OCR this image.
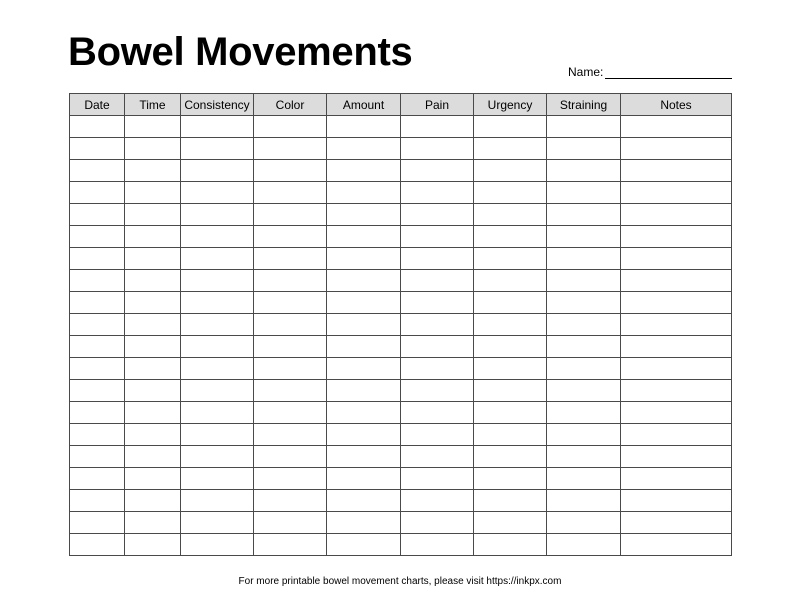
Bowel Movements	Name:
Date	Time	Consistency	Color	Amount	Pain	Urgency	Straining	Notes

For more printable bowel movement charts, please visit https://inkpx.com
